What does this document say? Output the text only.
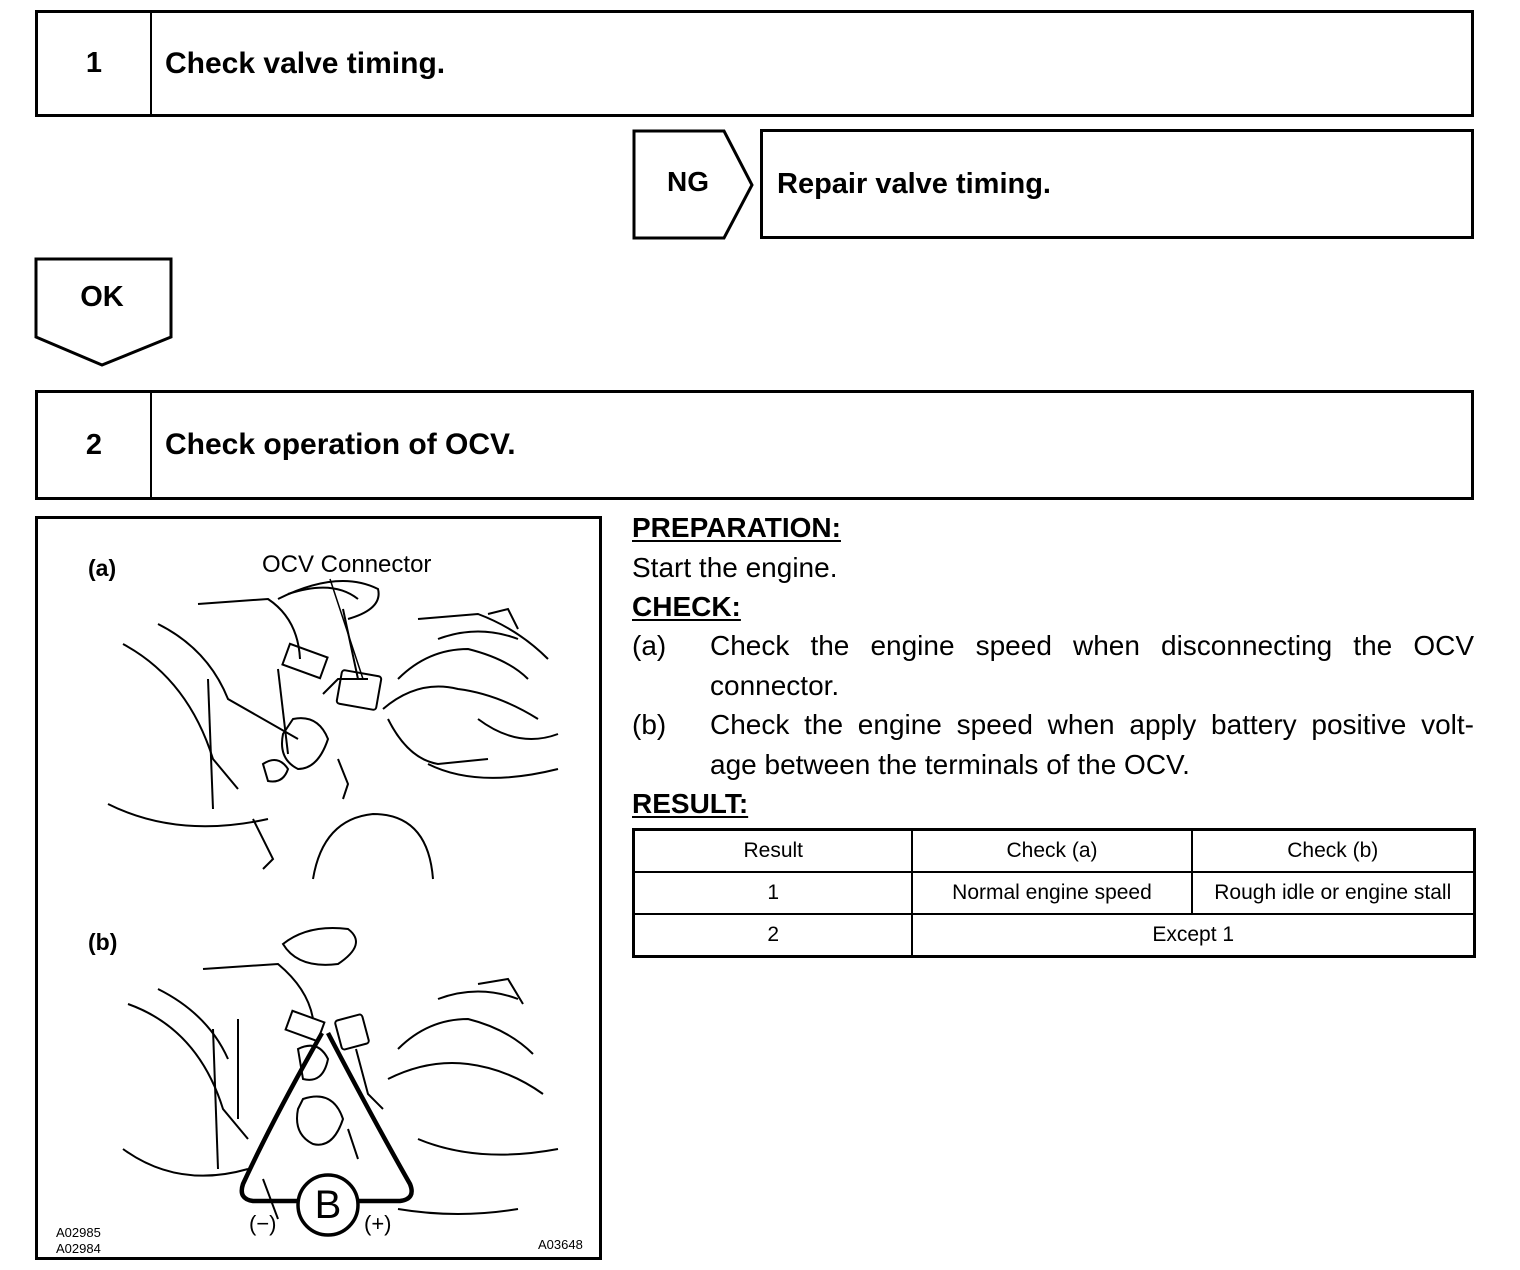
1	Check valve timing.
NG	Repair valve timing.
OK
2	Check operation of OCV.
(a)	OCV Connector
(b)
B
(−)	(+)
A02985
A02984	A03648
PREPARATION:
Start the engine.
CHECK:
(a) Check the engine speed when disconnecting the OCV
connector.
(b) Check the engine speed when apply battery positive volt-
age between the terminals of the OCV.
RESULT:
Result	Check (a)	Check (b)
1	Normal engine speed	Rough idle or engine stall
2	Except 1	
